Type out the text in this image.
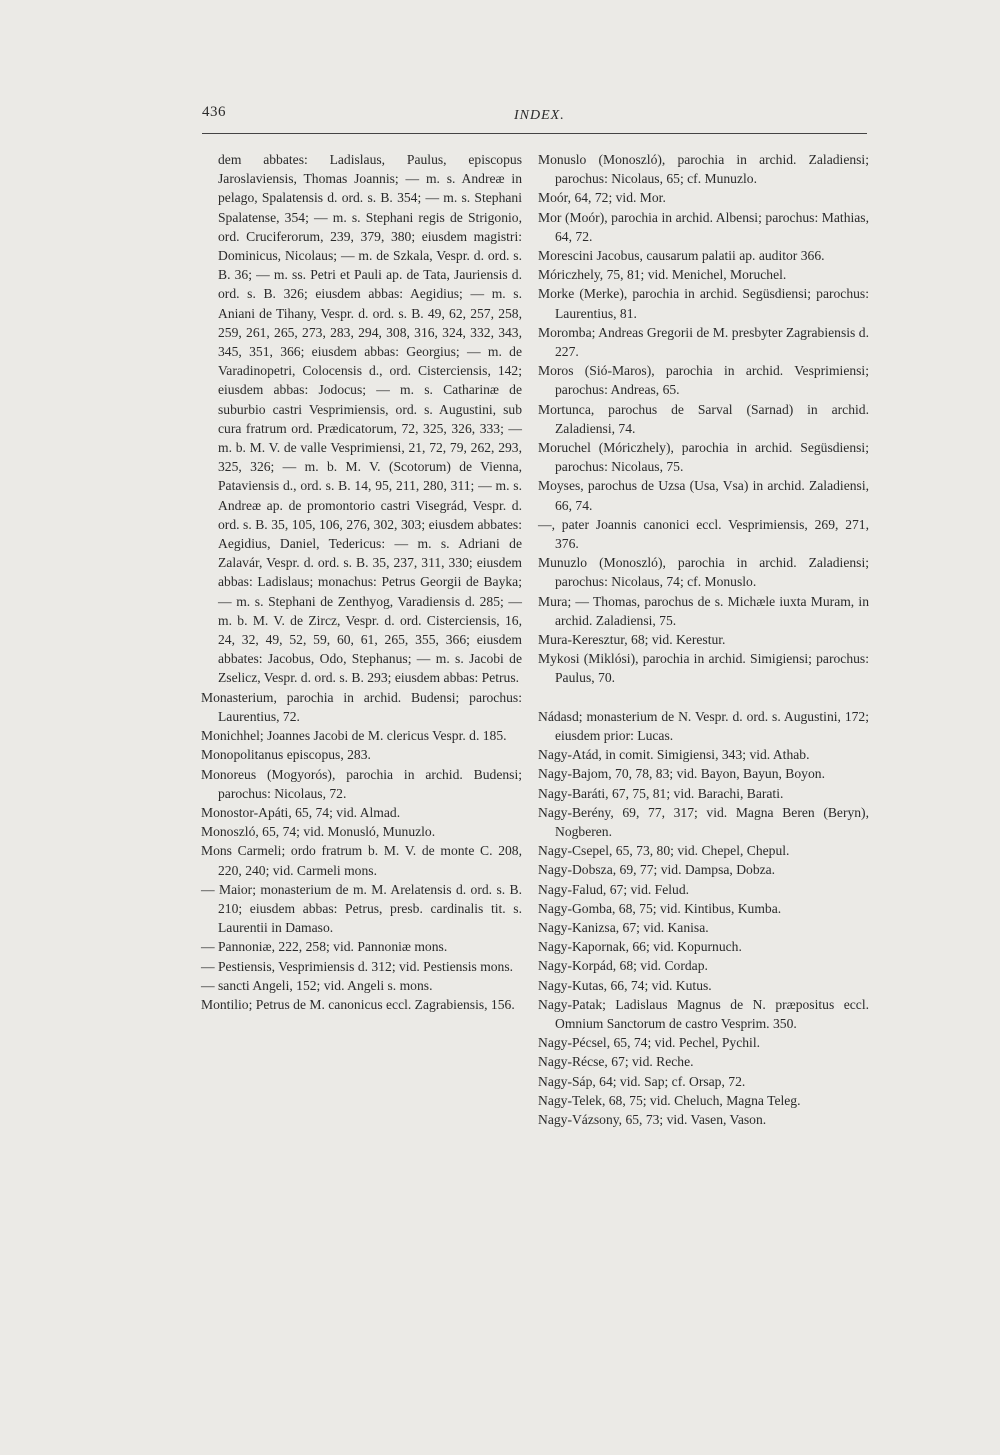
436	INDEX.
dem abbates: Ladislaus, Paulus, episcopus Jaroslaviensis, Thomas Joannis; — m. s. Andreæ in pelago, Spalatensis d. ord. s. B. 354; — m. s. Stephani Spalatense, 354; — m. s. Stephani regis de Strigonio, ord. Cruciferorum, 239, 379, 380; eiusdem magistri: Dominicus, Nicolaus; — m. de Szkala, Vespr. d. ord. s. B. 36; — m. ss. Petri et Pauli ap. de Tata, Jauriensis d. ord. s. B. 326; eiusdem abbas: Aegidius; — m. s. Aniani de Tihany, Vespr. d. ord. s. B. 49, 62, 257, 258, 259, 261, 265, 273, 283, 294, 308, 316, 324, 332, 343, 345, 351, 366; eiusdem abbas: Georgius; — m. de Varadinopetri, Colocensis d., ord. Cisterciensis, 142; eiusdem abbas: Jodocus; — m. s. Catharinæ de suburbio castri Vesprimiensis, ord. s. Augustini, sub cura fratrum ord. Prædicatorum, 72, 325, 326, 333; — m. b. M. V. de valle Vesprimiensi, 21, 72, 79, 262, 293, 325, 326; — m. b. M. V. (Scotorum) de Vienna, Pataviensis d., ord. s. B. 14, 95, 211, 280, 311; — m. s. Andreæ ap. de promontorio castri Visegrád, Vespr. d. ord. s. B. 35, 105, 106, 276, 302, 303; eiusdem abbates: Aegidius, Daniel, Tedericus: — m. s. Adriani de Zalavár, Vespr. d. ord. s. B. 35, 237, 311, 330; eiusdem abbas: Ladislaus; monachus: Petrus Georgii de Bayka; — m. s. Stephani de Zenthyog, Varadiensis d. 285; — m. b. M. V. de Zircz, Vespr. d. ord. Cisterciensis, 16, 24, 32, 49, 52, 59, 60, 61, 265, 355, 366; eiusdem abbates: Jacobus, Odo, Stephanus; — m. s. Jacobi de Zselicz, Vespr. d. ord. s. B. 293; eiusdem abbas: Petrus.
Monasterium, parochia in archid. Budensi; parochus: Laurentius, 72.
Monichhel; Joannes Jacobi de M. clericus Vespr. d. 185.
Monopolitanus episcopus, 283.
Monoreus (Mogyorós), parochia in archid. Budensi; parochus: Nicolaus, 72.
Monostor-Apáti, 65, 74; vid. Almad.
Monoszló, 65, 74; vid. Monusló, Munuzlo.
Mons Carmeli; ordo fratrum b. M. V. de monte C. 208, 220, 240; vid. Carmeli mons.
— Maior; monasterium de m. M. Arelatensis d. ord. s. B. 210; eiusdem abbas: Petrus, presb. cardinalis tit. s. Laurentii in Damaso.
— Pannoniæ, 222, 258; vid. Pannoniæ mons.
— Pestiensis, Vesprimiensis d. 312; vid. Pestiensis mons.
— sancti Angeli, 152; vid. Angeli s. mons.
Montilio; Petrus de M. canonicus eccl. Zagrabiensis, 156.
Monuslo (Monoszló), parochia in archid. Zaladiensi; parochus: Nicolaus, 65; cf. Munuzlo.
Moór, 64, 72; vid. Mor.
Mor (Moór), parochia in archid. Albensi; parochus: Mathias, 64, 72.
Morescini Jacobus, causarum palatii ap. auditor 366.
Móriczhely, 75, 81; vid. Menichel, Moruchel.
Morke (Merke), parochia in archid. Següsdiensi; parochus: Laurentius, 81.
Moromba; Andreas Gregorii de M. presbyter Zagrabiensis d. 227.
Moros (Sió-Maros), parochia in archid. Vesprimiensi; parochus: Andreas, 65.
Mortunca, parochus de Sarval (Sarnad) in archid. Zaladiensi, 74.
Moruchel (Móriczhely), parochia in archid. Següsdiensi; parochus: Nicolaus, 75.
Moyses, parochus de Uzsa (Usa, Vsa) in archid. Zaladiensi, 66, 74.
—, pater Joannis canonici eccl. Vesprimiensis, 269, 271, 376.
Munuzlo (Monoszló), parochia in archid. Zaladiensi; parochus: Nicolaus, 74; cf. Monuslo.
Mura; — Thomas, parochus de s. Michæle iuxta Muram, in archid. Zaladiensi, 75.
Mura-Keresztur, 68; vid. Kerestur.
Mykosi (Miklósi), parochia in archid. Simigiensi; parochus: Paulus, 70.
Nádasd; monasterium de N. Vespr. d. ord. s. Augustini, 172; eiusdem prior: Lucas.
Nagy-Atád, in comit. Simigiensi, 343; vid. Athab.
Nagy-Bajom, 70, 78, 83; vid. Bayon, Bayun, Boyon.
Nagy-Baráti, 67, 75, 81; vid. Barachi, Barati.
Nagy-Berény, 69, 77, 317; vid. Magna Beren (Beryn), Nogberen.
Nagy-Csepel, 65, 73, 80; vid. Chepel, Chepul.
Nagy-Dobsza, 69, 77; vid. Dampsa, Dobza.
Nagy-Falud, 67; vid. Felud.
Nagy-Gomba, 68, 75; vid. Kintibus, Kumba.
Nagy-Kanizsa, 67; vid. Kanisa.
Nagy-Kapornak, 66; vid. Kopurnuch.
Nagy-Korpád, 68; vid. Cordap.
Nagy-Kutas, 66, 74; vid. Kutus.
Nagy-Patak; Ladislaus Magnus de N. præpositus eccl. Omnium Sanctorum de castro Vesprim. 350.
Nagy-Pécsel, 65, 74; vid. Pechel, Pychil.
Nagy-Récse, 67; vid. Reche.
Nagy-Sáp, 64; vid. Sap; cf. Orsap, 72.
Nagy-Telek, 68, 75; vid. Cheluch, Magna Teleg.
Nagy-Vázsony, 65, 73; vid. Vasen, Vason.
